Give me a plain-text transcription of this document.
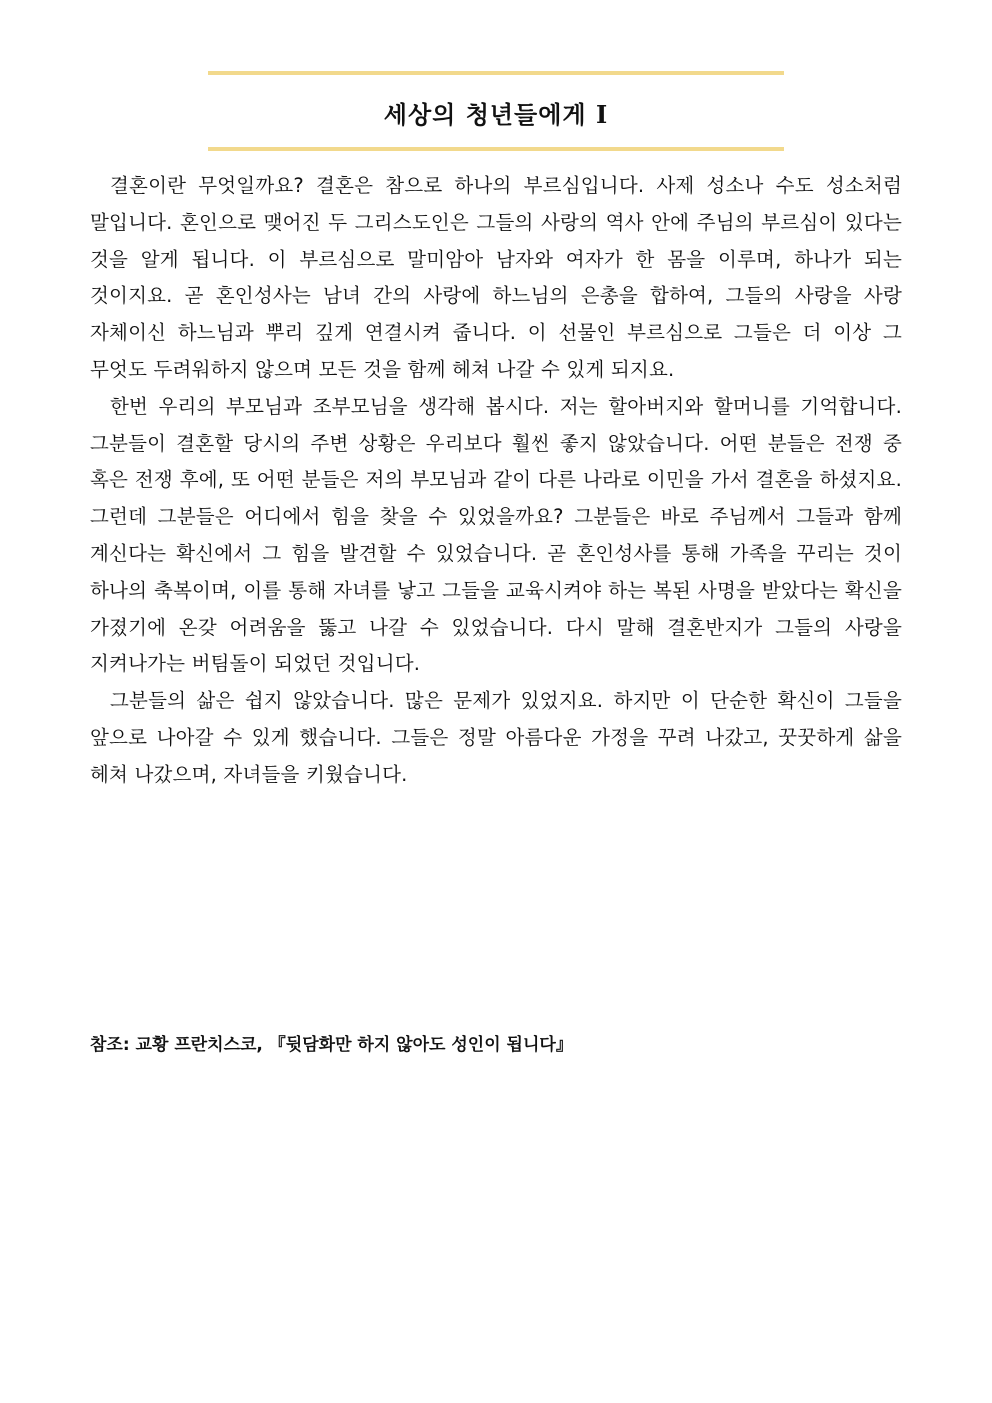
세상의 청년들에게 Ⅰ

결혼이란 무엇일까요? 결혼은 참으로 하나의 부르심입니다. 사제 성소나 수도 성소처럼 말입니다. 혼인으로 맺어진 두 그리스도인은 그들의 사랑의 역사 안에 주님의 부르심이 있다는 것을 알게 됩니다. 이 부르심으로 말미암아 남자와 여자가 한 몸을 이루며, 하나가 되는 것이지요. 곧 혼인성사는 남녀 간의 사랑에 하느님의 은총을 합하여, 그들의 사랑을 사랑 자체이신 하느님과 뿌리 깊게 연결시켜 줍니다. 이 선물인 부르심으로 그들은 더 이상 그 무엇도 두려워하지 않으며 모든 것을 함께 헤쳐 나갈 수 있게 되지요.

한번 우리의 부모님과 조부모님을 생각해 봅시다. 저는 할아버지와 할머니를 기억합니다. 그분들이 결혼할 당시의 주변 상황은 우리보다 훨씬 좋지 않았습니다. 어떤 분들은 전쟁 중 혹은 전쟁 후에, 또 어떤 분들은 저의 부모님과 같이 다른 나라로 이민을 가서 결혼을 하셨지요. 그런데 그분들은 어디에서 힘을 찾을 수 있었을까요? 그분들은 바로 주님께서 그들과 함께 계신다는 확신에서 그 힘을 발견할 수 있었습니다. 곧 혼인성사를 통해 가족을 꾸리는 것이 하나의 축복이며, 이를 통해 자녀를 낳고 그들을 교육시켜야 하는 복된 사명을 받았다는 확신을 가졌기에 온갖 어려움을 뚫고 나갈 수 있었습니다. 다시 말해 결혼반지가 그들의 사랑을 지켜나가는 버팀돌이 되었던 것입니다.

그분들의 삶은 쉽지 않았습니다. 많은 문제가 있었지요. 하지만 이 단순한 확신이 그들을 앞으로 나아갈 수 있게 했습니다. 그들은 정말 아름다운 가정을 꾸려 나갔고, 꿋꿋하게 삶을 헤쳐 나갔으며, 자녀들을 키웠습니다.

참조: 교황 프란치스코, 『뒷담화만 하지 않아도 성인이 됩니다』
